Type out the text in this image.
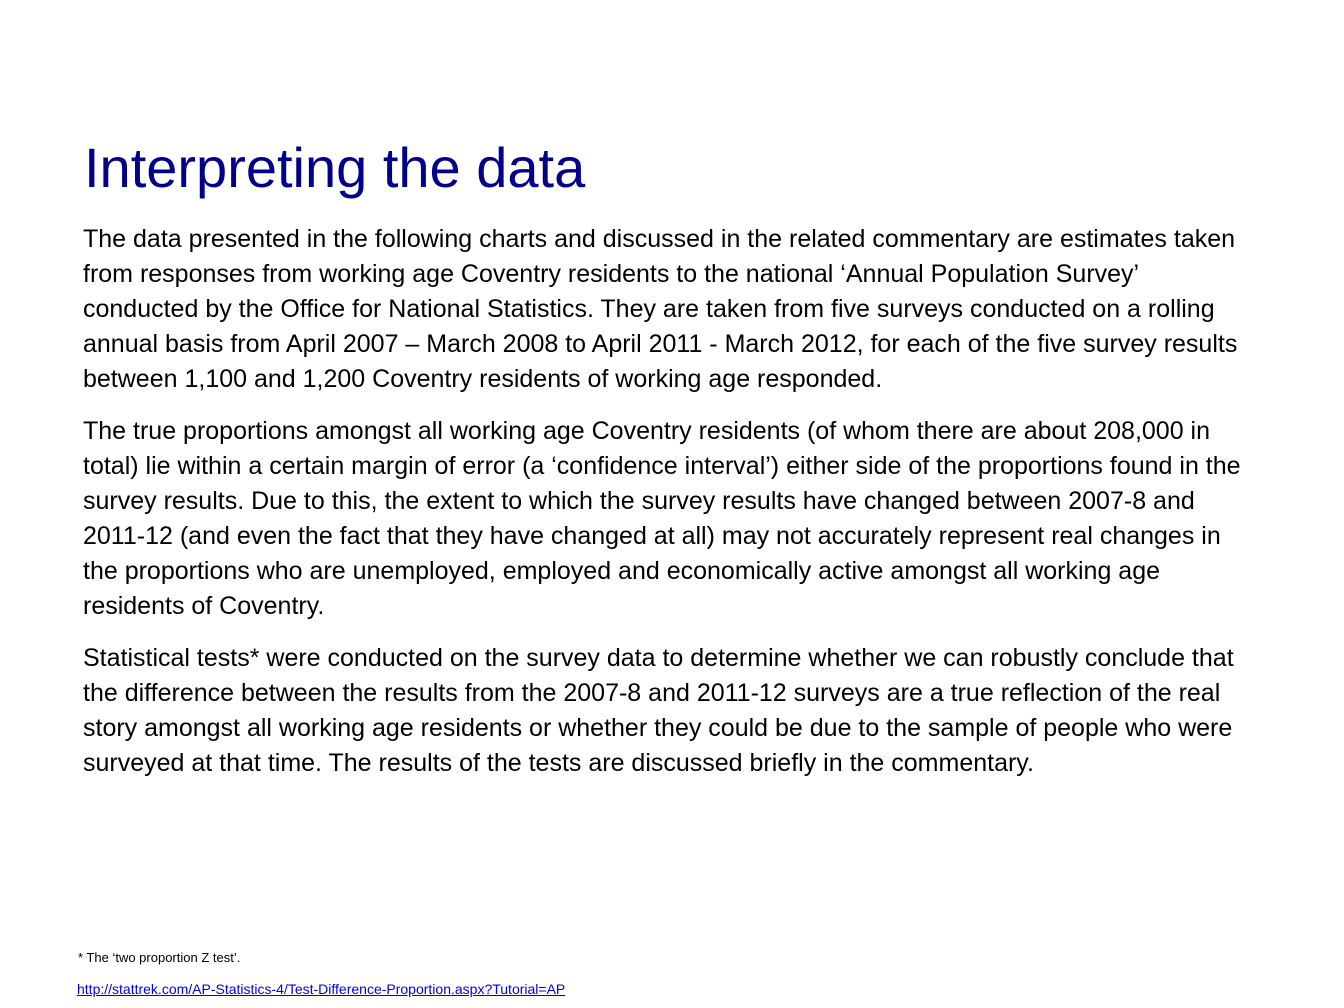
Interpreting the data

The data presented in the following charts and discussed in the related commentary are estimates taken from responses from working age Coventry residents to the national ‘Annual Population Survey’ conducted by the Office for National Statistics. They are taken from five surveys conducted on a rolling annual basis from April 2007 – March 2008 to April 2011 - March 2012, for each of the five survey results between 1,100 and 1,200 Coventry residents of working age responded.

The true proportions amongst all working age Coventry residents (of whom there are about 208,000 in total) lie within a certain margin of error (a ‘confidence interval’) either side of the proportions found in the survey results. Due to this, the extent to which the survey results have changed between 2007-8 and 2011-12 (and even the fact that they have changed at all) may not accurately represent real changes in the proportions who are unemployed, employed and economically active amongst all working age residents of Coventry.

Statistical tests* were conducted on the survey data to determine whether we can robustly conclude that the difference between the results from the 2007-8 and 2011-12 surveys are a true reflection of the real story amongst all working age residents or whether they could be due to the sample of people who were surveyed at that time. The results of the tests are discussed briefly in the commentary.

* The ‘two proportion Z test’.

http://stattrek.com/AP-Statistics-4/Test-Difference-Proportion.aspx?Tutorial=AP
